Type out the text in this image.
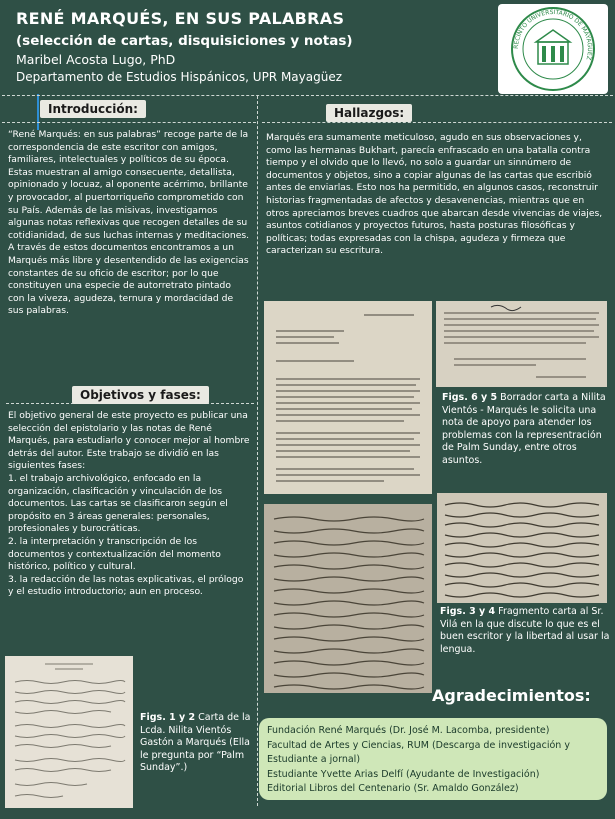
RENÉ MARQUÉS, EN SUS PALABRAS
(selección de cartas, disquisiciones y notas)
Maribel Acosta Lugo, PhD
Departamento de Estudios Hispánicos, UPR Mayagüez
RECINTO UNIVERSITARIO DE MAYAGÜEZ
Introducción:
“René Marqués: en sus palabras” recoge parte de la correspondencia de este escritor con amigos, familiares, intelectuales y políticos de su época. Estas muestran al amigo consecuente, detallista, opinionado y locuaz, al oponente acérrimo, brillante y provocador, al puertorriqueño comprometido con su País. Además de las misivas, investigamos algunas notas reflexivas que recogen detalles de su cotidianidad, de sus luchas internas y meditaciones. A través de estos documentos encontramos a un Marqués más libre y desentendido de las exigencias constantes de su oficio de escritor; por lo que constituyen una especie de autorretrato pintado con la viveza, agudeza, ternura y mordacidad de sus palabras.
Objetivos y fases:
El objetivo general de este proyecto es publicar una selección del epistolario y las notas de René Marqués, para estudiarlo y conocer mejor al hombre detrás del autor. Este trabajo se dividió en las siguientes fases:
1. el trabajo archivológico, enfocado en la organización, clasificación y vinculación de los documentos. Las cartas se clasificaron según el propósito en 3 áreas generales: personales, profesionales y burocráticas.
2. la interpretación y transcripción de los documentos y contextualización del momento histórico, político y cultural.
3. la redacción de las notas explicativas, el prólogo y el estudio introductorio; aun en proceso.
Hallazgos:
Marqués era sumamente meticuloso, agudo en sus observaciones y, como las hermanas Bukhart, parecía enfrascado en una batalla contra tiempo y el olvido que lo llevó, no solo a guardar un sinnúmero de documentos y objetos, sino a copiar algunas de las cartas que escribió antes de enviarlas. Esto nos ha permitido, en algunos casos, reconstruir historias fragmentadas de afectos y desavenencias, mientras que en otros apreciamos breves cuadros que abarcan desde vivencias de viajes, asuntos cotidianos y proyectos futuros, hasta posturas filosóficas y políticas; todas expresadas con la chispa, agudeza y firmeza que caracterizan su escritura.
Figs. 6 y 5 Borrador carta a Nilita Vientós - Marqués le solicita una nota de apoyo para atender los problemas con la representración de Palm Sunday, entre otros asuntos.
Figs. 3 y 4 Fragmento carta al Sr. Vilá en la que discute lo que es el buen escritor y la libertad al usar la lengua.
Figs. 1 y 2 Carta de la Lcda. Nilita Vientós Gastón a Marqués (Ella le pregunta por “Palm Sunday”.)
Agradecimientos:
Fundación René Marqués (Dr. José M. Lacomba, presidente)
Facultad de Artes y Ciencias, RUM (Descarga de investigación y Estudiante a jornal)
Estudiante Yvette Arias Delfí (Ayudante de Investigación)
Editorial Libros del Centenario (Sr. Amaldo González)
